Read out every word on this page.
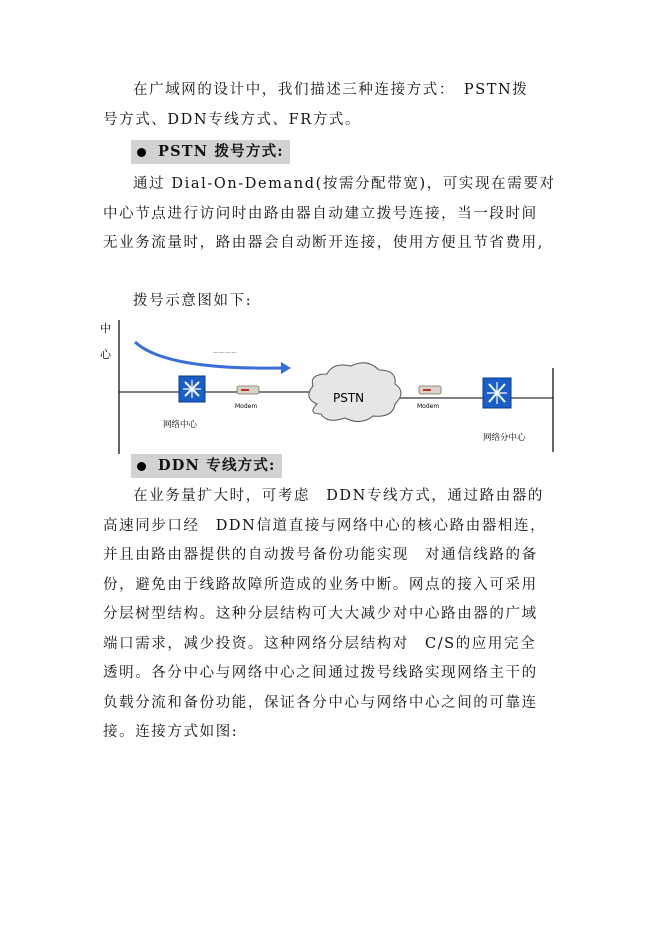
在广域网的设计中，我们描述三种连接方式：　PSTN拨
号方式、DDN专线方式、FR方式。
PSTN 拨号方式:
通过 Dial-On-Demand(按需分配带宽)，可实现在需要对
中心节点进行访问时由路由器自动建立拨号连接，当一段时间
无业务流量时，路由器会自动断开连接，使用方便且节省费用,
拨号示意图如下:
中
心	～～～～
网络中心
Modem
PSTN
Modem
网络分中心
DDN 专线方式:
在业务量扩大时，可考虑　DDN专线方式，通过路由器的
高速同步口经　DDN信道直接与网络中心的核心路由器相连，
并且由路由器提供的自动拨号备份功能实现　对通信线路的备
份，避免由于线路故障所造成的业务中断。网点的接入可采用
分层树型结构。这种分层结构可大大减少对中心路由器的广域
端口需求，减少投资。这种网络分层结构对　C/S的应用完全
透明。各分中心与网络中心之间通过拨号线路实现网络主干的
负载分流和备份功能，保证各分中心与网络中心之间的可靠连
接。连接方式如图:
